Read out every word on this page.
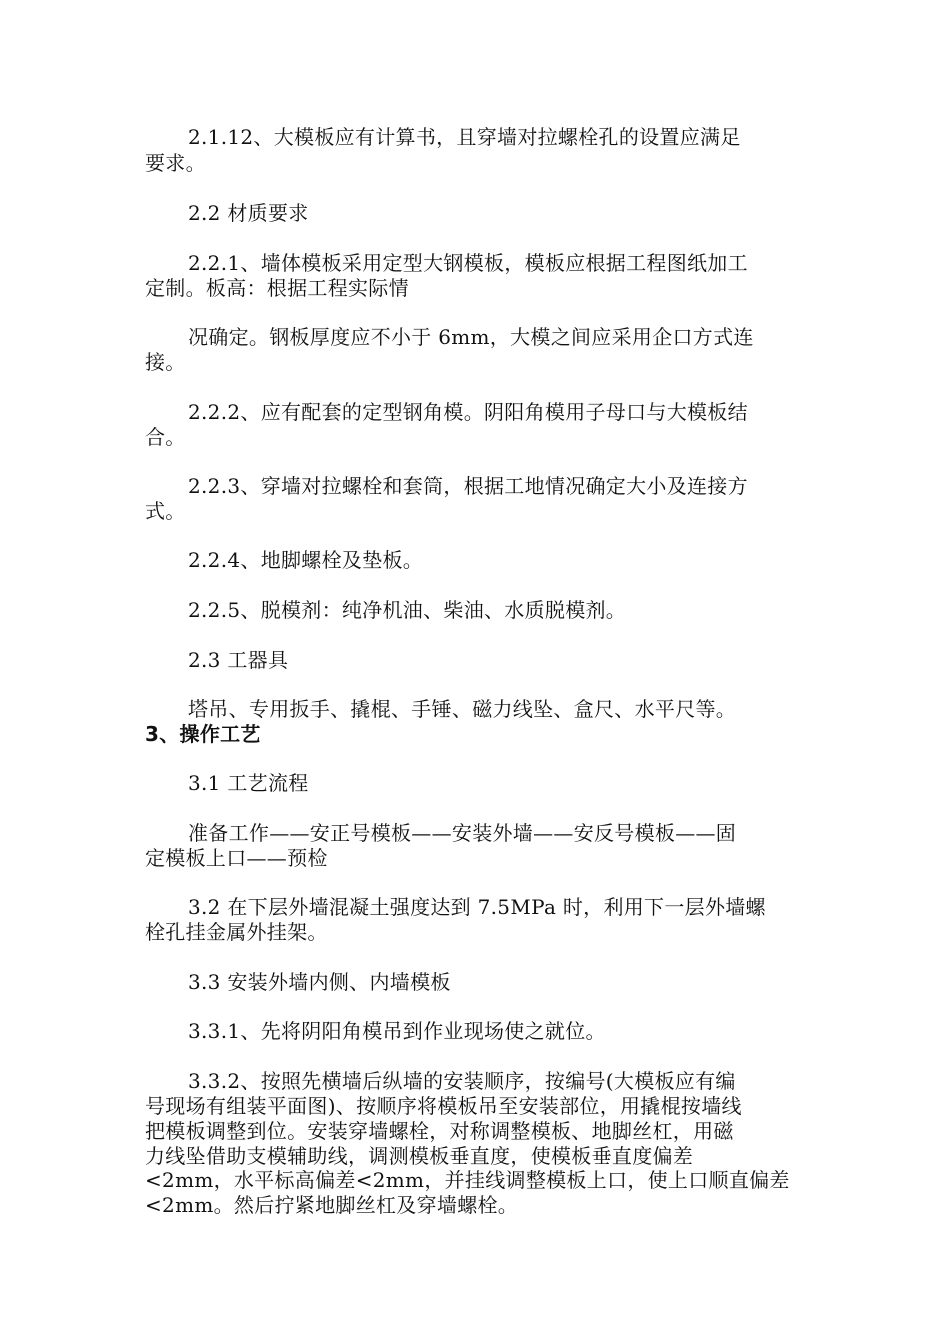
2.1.12、大模板应有计算书，且穿墙对拉螺栓孔的设置应满足
要求。
2.2 材质要求
2.2.1、墙体模板采用定型大钢模板，模板应根据工程图纸加工
定制。板高：根据工程实际情
况确定。钢板厚度应不小于 6mm，大模之间应采用企口方式连
接。
2.2.2、应有配套的定型钢角模。阴阳角模用子母口与大模板结
合。
2.2.3、穿墙对拉螺栓和套筒，根据工地情况确定大小及连接方
式。
2.2.4、地脚螺栓及垫板。
2.2.5、脱模剂：纯净机油、柴油、水质脱模剂。
2.3 工器具
塔吊、专用扳手、撬棍、手锤、磁力线坠、盒尺、水平尺等。
3、操作工艺
3.1 工艺流程
准备工作——安正号模板——安装外墙——安反号模板——固
定模板上口——预检
3.2 在下层外墙混凝土强度达到 7.5MPa 时，利用下一层外墙螺
栓孔挂金属外挂架。
3.3 安装外墙内侧、内墙模板
3.3.1、先将阴阳角模吊到作业现场使之就位。
3.3.2、按照先横墙后纵墙的安装顺序，按编号(大模板应有编
号现场有组装平面图)、按顺序将模板吊至安装部位，用撬棍按墙线
把模板调整到位。安装穿墙螺栓，对称调整模板、地脚丝杠，用磁
力线坠借助支模辅助线，调测模板垂直度，使模板垂直度偏差
<2mm，水平标高偏差<2mm，并挂线调整模板上口，使上口顺直偏差
<2mm。然后拧紧地脚丝杠及穿墙螺栓。
